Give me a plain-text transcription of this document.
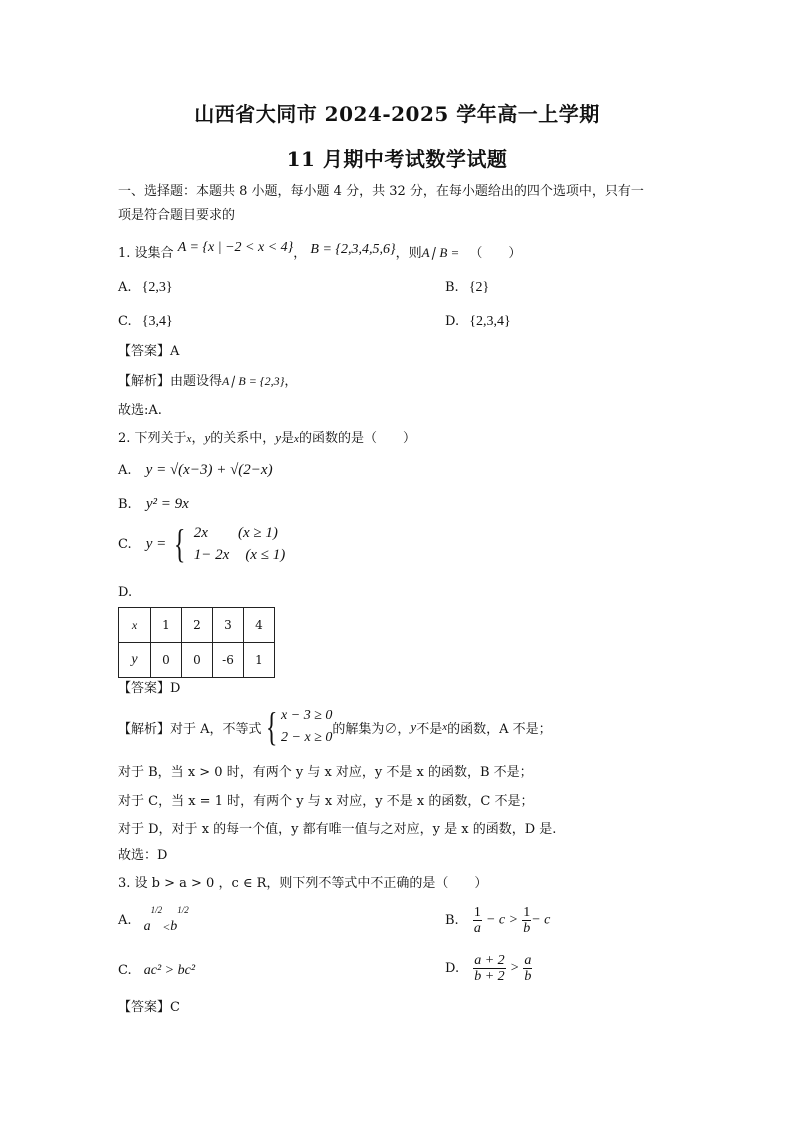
山西省大同市 2024-2025 学年高一上学期
11 月期中考试数学试题
一、选择题：本题共 8 小题，每小题 4 分，共 32 分，在每小题给出的四个选项中，只有一
项是符合题目要求的
1. 设集合 A = {x | −2 < x < 4}， B = {2,3,4,5,6}，则A∣ B = （　　）
A. {2,3}	B. {2}
C. {3,4}	D. {2,3,4}
【答案】A
【解析】由题设得A∣ B = {2,3}，
故选:A.
2. 下列关于x，y的关系中，y是x的函数的是（　　）
A. y = √(x−3) + √(2−x)
B. y² = 9x
C. y = { 2x (x ≥ 1)
1− 2x (x ≤ 1)
D.
x	1	2	3	4
y	0	0	-6	1
【答案】D
【解析】对于 A，不等式 { x − 3 ≥ 0
2 − x ≥ 0
的解集为∅，y不是x的函数，A 不是；
对于 B，当 x > 0 时，有两个 y 与 x 对应，y 不是 x 的函数，B 不是；
对于 C，当 x = 1 时，有两个 y 与 x 对应，y 不是 x 的函数，C 不是；
对于 D，对于 x 的每一个值，y 都有唯一值与之对应，y 是 x 的函数，D 是.
故选：D
3. 设 b > a > 0 ，c ∈ R，则下列不等式中不正确的是（　　）
A. a1/2<b1/2
B. $\frac{1}{a} - c > \frac{1}{b} - c$
C. ac² > bc²	D. $\frac{a + 2}{b + 2} > \frac{a}{b}$
【答案】C
